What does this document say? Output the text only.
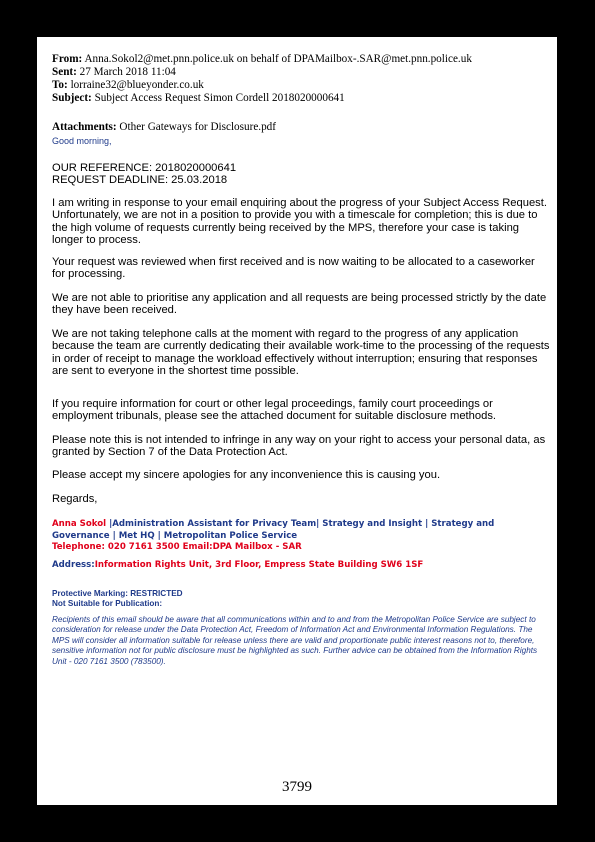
From: Anna.Sokol2@met.pnn.police.uk on behalf of DPAMailbox-.SAR@met.pnn.police.uk
Sent: 27 March 2018 11:04
To: lorraine32@blueyonder.co.uk
Subject: Subject Access Request Simon Cordell 2018020000641
Attachments: Other Gateways for Disclosure.pdf
Good morning,
OUR REFERENCE: 2018020000641
REQUEST DEADLINE: 25.03.2018
I am writing in response to your email enquiring about the progress of your Subject Access Request. Unfortunately, we are not in a position to provide you with a timescale for completion; this is due to the high volume of requests currently being received by the MPS, therefore your case is taking longer to process.
Your request was reviewed when first received and is now waiting to be allocated to a caseworker for processing.
We are not able to prioritise any application and all requests are being processed strictly by the date they have been received.
We are not taking telephone calls at the moment with regard to the progress of any application because the team are currently dedicating their available work-time to the processing of the requests in order of receipt to manage the workload effectively without interruption; ensuring that responses are sent to everyone in the shortest time possible.
If you require information for court or other legal proceedings, family court proceedings or employment tribunals, please see the attached document for suitable disclosure methods.
Please note this is not intended to infringe in any way on your right to access your personal data, as granted by Section 7 of the Data Protection Act.
Please accept my sincere apologies for any inconvenience this is causing you.
Regards,
Anna Sokol |Administration Assistant for Privacy Team| Strategy and Insight | Strategy and Governance | Met HQ | Metropolitan Police Service
Telephone: 020 7161 3500 Email:DPA Mailbox - SAR
Address:Information Rights Unit, 3rd Floor, Empress State Building SW6 1SF
Protective Marking: RESTRICTED
Not Suitable for Publication:
Recipients of this email should be aware that all communications within and to and from the Metropolitan Police Service are subject to consideration for release under the Data Protection Act, Freedom of Information Act and Environmental Information Regulations. The MPS will consider all information suitable for release unless there are valid and proportionate public interest reasons not to, therefore, sensitive information not for public disclosure must be highlighted as such. Further advice can be obtained from the Information Rights Unit - 020 7161 3500 (783500).
3799
